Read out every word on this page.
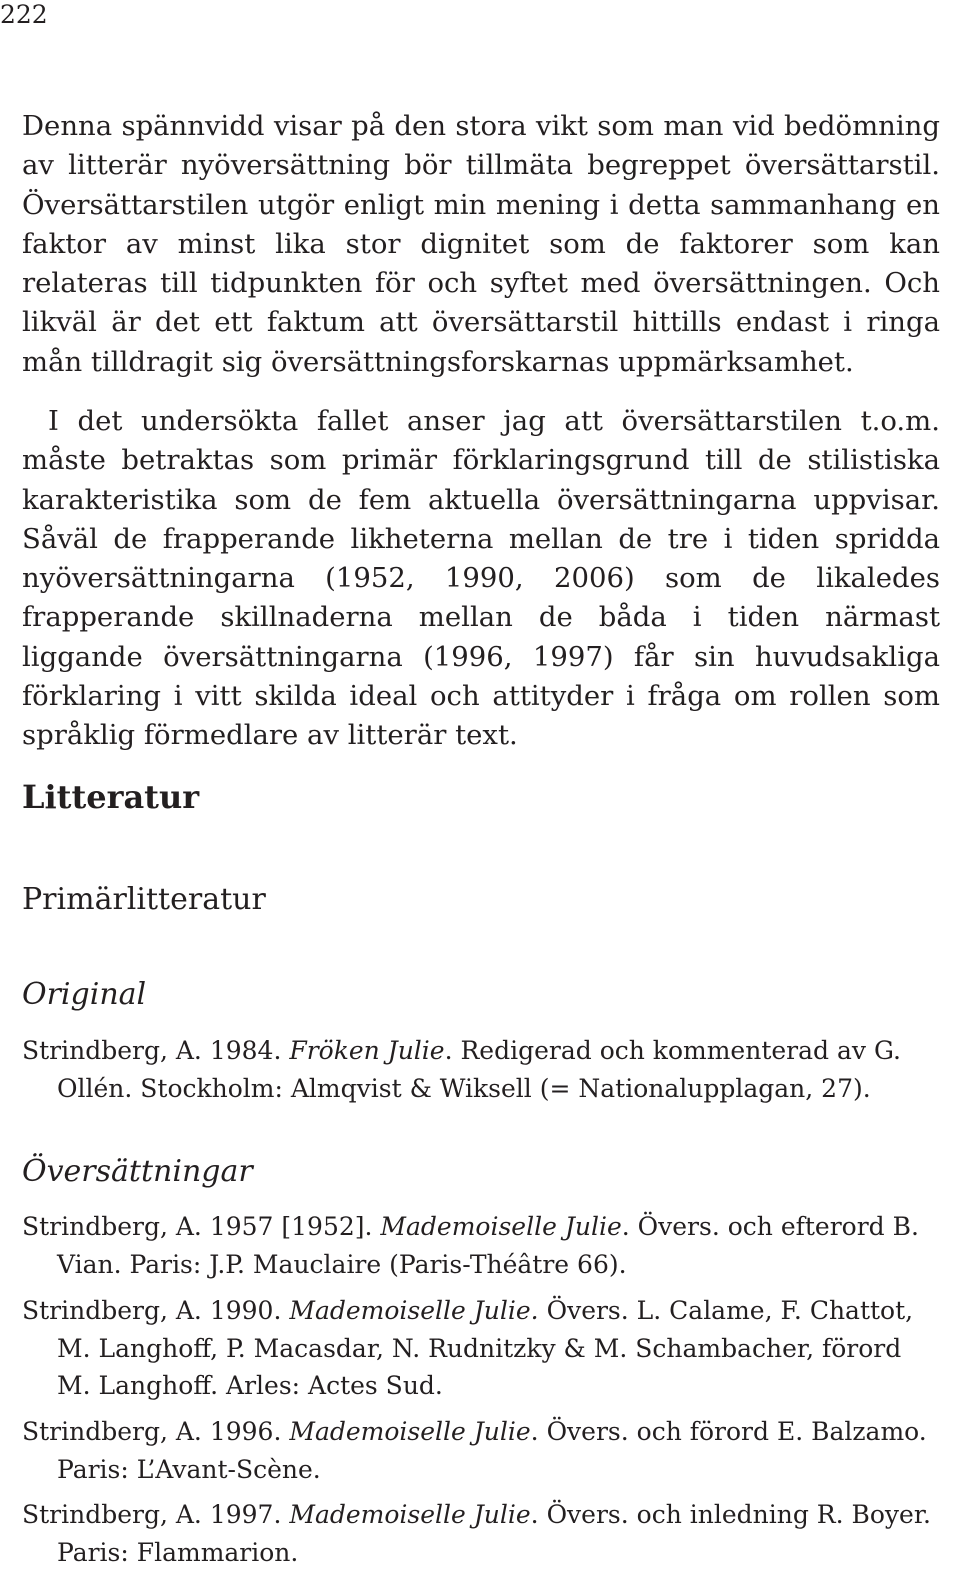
222

Denna spännvidd visar på den stora vikt som man vid bedömning av litterär nyöversättning bör tillmäta begreppet översättarstil. Översättarstilen utgör enligt min mening i detta sammanhang en faktor av minst lika stor dignitet som de faktorer som kan relateras till tidpunkten för och syftet med översättningen. Och likväl är det ett faktum att översättarstil hittills endast i ringa mån tilldragit sig översättningsforskarnas uppmärksamhet.

I det undersökta fallet anser jag att översättarstilen t.o.m. måste betraktas som primär förklaringsgrund till de stilistiska karakteristika som de fem aktuella översättningarna uppvisar. Såväl de frapperande likheterna mellan de tre i tiden spridda nyöversättningarna (1952, 1990, 2006) som de likaledes frapperande skillnaderna mellan de båda i tiden närmast liggande översättningarna (1996, 1997) får sin huvudsakliga förklaring i vitt skilda ideal och attityder i fråga om rollen som språklig förmedlare av litterär text.

Litteratur
Primärlitteratur
Original

Strindberg, A. 1984. Fröken Julie. Redigerad och kommenterad av G. Ollén. Stockholm: Almqvist & Wiksell (= Nationalupplagan, 27).

Översättningar

Strindberg, A. 1957 [1952]. Mademoiselle Julie. Övers. och efterord B. Vian. Paris: J.P. Mauclaire (Paris-Théâtre 66).

Strindberg, A. 1990. Mademoiselle Julie. Övers. L. Calame, F. Chattot, M. Langhoff, P. Macasdar, N. Rudnitzky & M. Schambacher, förord M. Langhoff. Arles: Actes Sud.

Strindberg, A. 1996. Mademoiselle Julie. Övers. och förord E. Balzamo. Paris: L’Avant-Scène.

Strindberg, A. 1997. Mademoiselle Julie. Övers. och inledning R. Boyer. Paris: Flammarion.
